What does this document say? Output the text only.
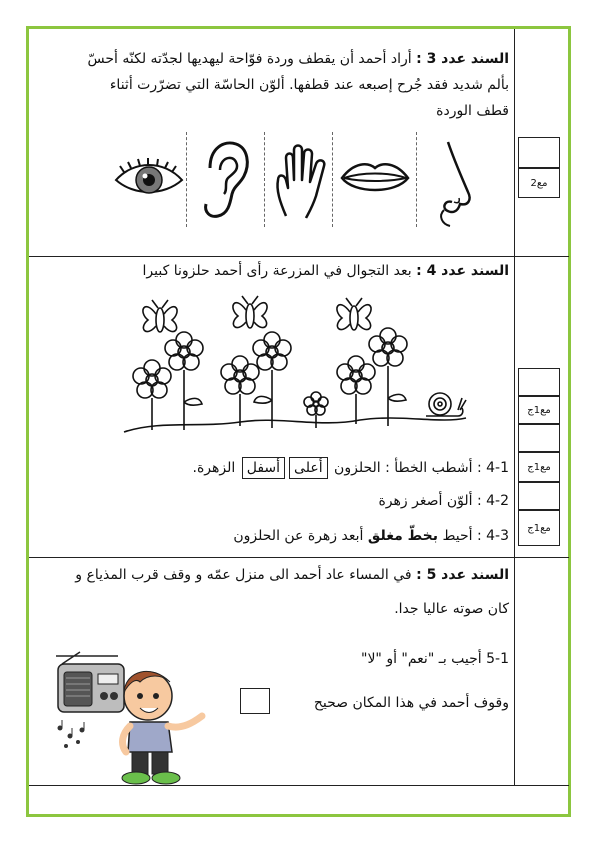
السند عدد 3 : أراد أحمد أن يقطف وردة فوّاحة ليهديها لجدّته لكنّه أحسّ
بألم شديد فقد جُرح إصبعه عند قطفها. ألوّن الحاسّة التي تضرّرت أثناء
قطف الوردة
مع2
السند عدد 4 : بعد التجوال في المزرعة رأى أحمد حلزونا كبيرا
4-1 : أشطب الخطأ : الحلزون أعلىأسفل الزهرة.
4-2 : ألوّن أصغر زهرة
4-3 : أحيط بخطّ مغلق أبعد زهرة عن الحلزون
مع1ج
مع1ج
مع1ج
السند عدد 5 : في المساء عاد أحمد الى منزل عمّه و وقف قرب المذياع و
كان صوته عاليا جدا.
5-1 أجيب بـ "نعم" أو "لا"
وقوف أحمد في هذا المكان صحيح
